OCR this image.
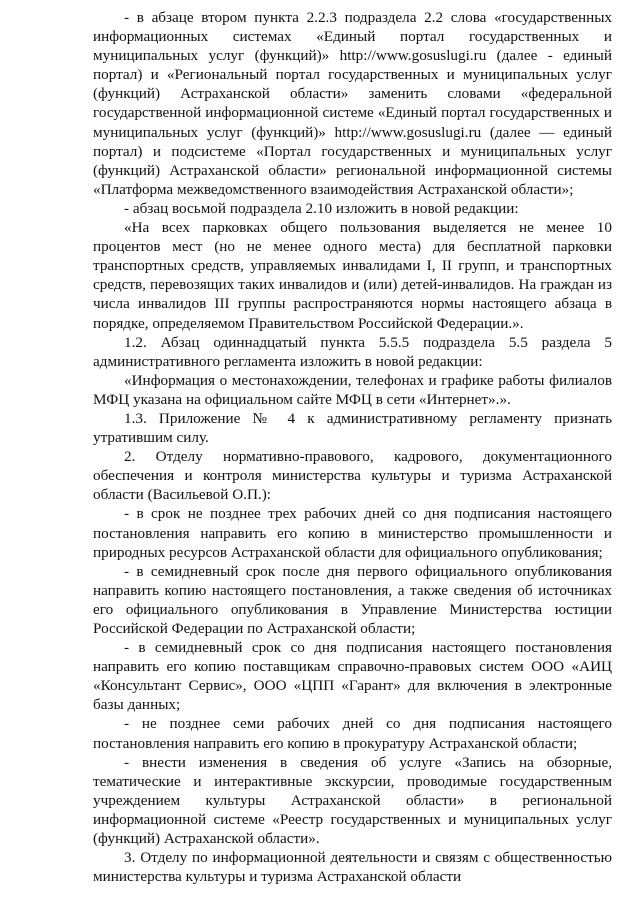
- в абзаце втором пункта 2.2.3 подраздела 2.2 слова «государственных информационных системах «Единый портал государственных и муниципальных услуг (функций)» http://www.gosuslugi.ru (далее - единый портал) и «Региональный портал государственных и муниципальных услуг (функций) Астраханской области» заменить словами «федеральной государственной информационной системе «Единый портал государственных и муниципальных услуг (функций)» http://www.gosuslugi.ru (далее — единый портал) и подсистеме «Портал государственных и муниципальных услуг (функций) Астраханской области» региональной информационной системы «Платформа межведомственного взаимодействия Астраханской области»;

- абзац восьмой подраздела 2.10 изложить в новой редакции:

«На всех парковках общего пользования выделяется не менее 10 процентов мест (но не менее одного места) для бесплатной парковки транспортных средств, управляемых инвалидами I, II групп, и транспортных средств, перевозящих таких инвалидов и (или) детей-инвалидов. На граждан из числа инвалидов III группы распространяются нормы настоящего абзаца в порядке, определяемом Правительством Российской Федерации.».

1.2. Абзац одиннадцатый пункта 5.5.5 подраздела 5.5 раздела 5 административного регламента изложить в новой редакции:

«Информация о местонахождении, телефонах и графике работы филиалов МФЦ указана на официальном сайте МФЦ в сети «Интернет».».

1.3. Приложение № 4 к административному регламенту признать утратившим силу.

2. Отделу нормативно-правового, кадрового, документационного обеспечения и контроля министерства культуры и туризма Астраханской области (Васильевой О.П.):

- в срок не позднее трех рабочих дней со дня подписания настоящего постановления направить его копию в министерство промышленности и природных ресурсов Астраханской области для официального опубликования;

- в семидневный срок после дня первого официального опубликования направить копию настоящего постановления, а также сведения об источниках его официального опубликования в Управление Министерства юстиции Российской Федерации по Астраханской области;

- в семидневный срок со дня подписания настоящего постановления направить его копию поставщикам справочно-правовых систем ООО «АИЦ «Консультант Сервис», ООО «ЦПП «Гарант» для включения в электронные базы данных;

- не позднее семи рабочих дней со дня подписания настоящего постановления направить его копию в прокуратуру Астраханской области;

- внести изменения в сведения об услуге «Запись на обзорные, тематические и интерактивные экскурсии, проводимые государственным учреждением культуры Астраханской области» в региональной информационной системе «Реестр государственных и муниципальных услуг (функций) Астраханской области».

3. Отделу по информационной деятельности и связям с общественностью министерства культуры и туризма Астраханской области
